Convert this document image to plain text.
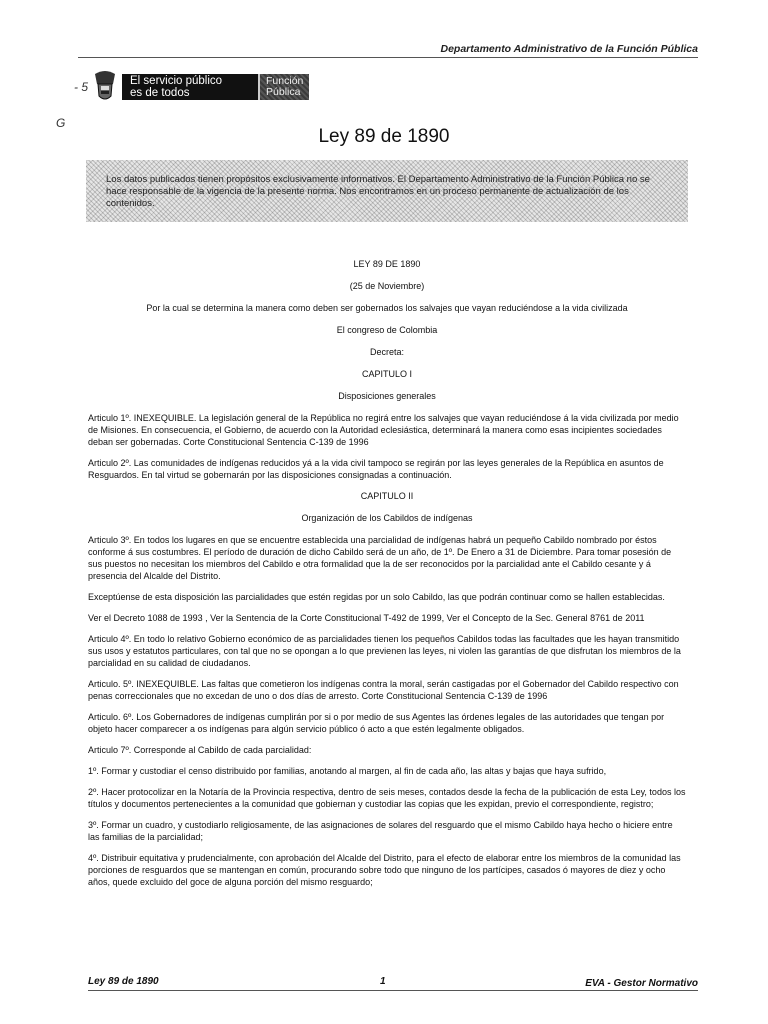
Departamento Administrativo de la Función Pública
- 5	El servicio público
es de todos
Función
Pública
G
Ley 89 de 1890
Los datos publicados tienen propósitos exclusivamente informativos. El Departamento Administrativo de la Función Pública no se hace responsable de la vigencia de la presente norma. Nos encontramos en un proceso permanente de actualización de los contenidos.

LEY 89 DE 1890

(25 de Noviembre)

Por la cual se determina la manera como deben ser gobernados los salvajes que vayan reduciéndose a la vida civilizada

El congreso de Colombia

Decreta:

CAPITULO I

Disposiciones generales

Articulo 1º. INEXEQUIBLE. La legislación general de la República no regirá entre los salvajes que vayan reduciéndose á la vida civilizada por medio de Misiones. En consecuencia, el Gobierno, de acuerdo con la Autoridad eclesiástica, determinará la manera como esas incipientes sociedades deban ser gobernadas. Corte Constitucional Sentencia C-139 de 1996

Articulo 2º. Las comunidades de indígenas reducidos yá a la vida civil tampoco se regirán por las leyes generales de la República en asuntos de Resguardos. En tal virtud se gobernarán por las disposiciones consignadas a continuación.

CAPITULO II

Organización de los Cabildos de indígenas

Articulo 3º. En todos los lugares en que se encuentre establecida una parcialidad de indígenas habrá un pequeño Cabildo nombrado por éstos conforme á sus costumbres. El período de duración de dicho Cabildo será de un año, de 1º. De Enero a 31 de Diciembre. Para tomar posesión de sus puestos no necesitan los miembros del Cabildo e otra formalidad que la de ser reconocidos por la parcialidad ante el Cabildo cesante y á presencia del Alcalde del Distrito.

Exceptúense de esta disposición las parcialidades que estén regidas por un solo Cabildo, las que podrán continuar como se hallen establecidas.

Ver el Decreto 1088 de 1993 , Ver la Sentencia de la Corte Constitucional T-492 de 1999, Ver el Concepto de la Sec. General 8761 de 2011

Articulo 4º. En todo lo relativo Gobierno económico de as parcialidades tienen los pequeños Cabildos todas las facultades que les hayan transmitido sus usos y estatutos particulares, con tal que no se opongan a lo que previenen las leyes, ni violen las garantías de que disfrutan los miembros de la parcialidad en su calidad de ciudadanos.

Articulo. 5º. INEXEQUIBLE. Las faltas que cometieron los indígenas contra la moral, serán castigadas por el Gobernador del Cabildo respectivo con penas correccionales que no excedan de uno o dos días de arresto. Corte Constitucional Sentencia C-139 de 1996

Articulo. 6º. Los Gobernadores de indígenas cumplirán por si o por medio de sus Agentes las órdenes legales de las autoridades que tengan por objeto hacer comparecer a os indígenas para algún servicio público ó acto a que estén legalmente obligados.

Articulo 7º. Corresponde al Cabildo de cada parcialidad:

1º. Formar y custodiar el censo distribuido por familias, anotando al margen, al fin de cada año, las altas y bajas que haya sufrido,

2º. Hacer protocolizar en la Notaría de la Provincia respectiva, dentro de seis meses, contados desde la fecha de la publicación de esta Ley, todos los títulos y documentos pertenecientes a la comunidad que gobiernan y custodiar las copias que les expidan, previo el correspondiente, registro;

3º. Formar un cuadro, y custodiarlo religiosamente, de las asignaciones de solares del resguardo que el mismo Cabildo haya hecho o hiciere entre las familias de la parcialidad;

4º. Distribuir equitativa y prudencialmente, con aprobación del Alcalde del Distrito, para el efecto de elaborar entre los miembros de la comunidad las porciones de resguardos que se mantengan en común, procurando sobre todo que ninguno de los partícipes, casados ó mayores de diez y ocho años, quede excluido del goce de alguna porción del mismo resguardo;

Ley 89 de 1890	1	EVA - Gestor Normativo
